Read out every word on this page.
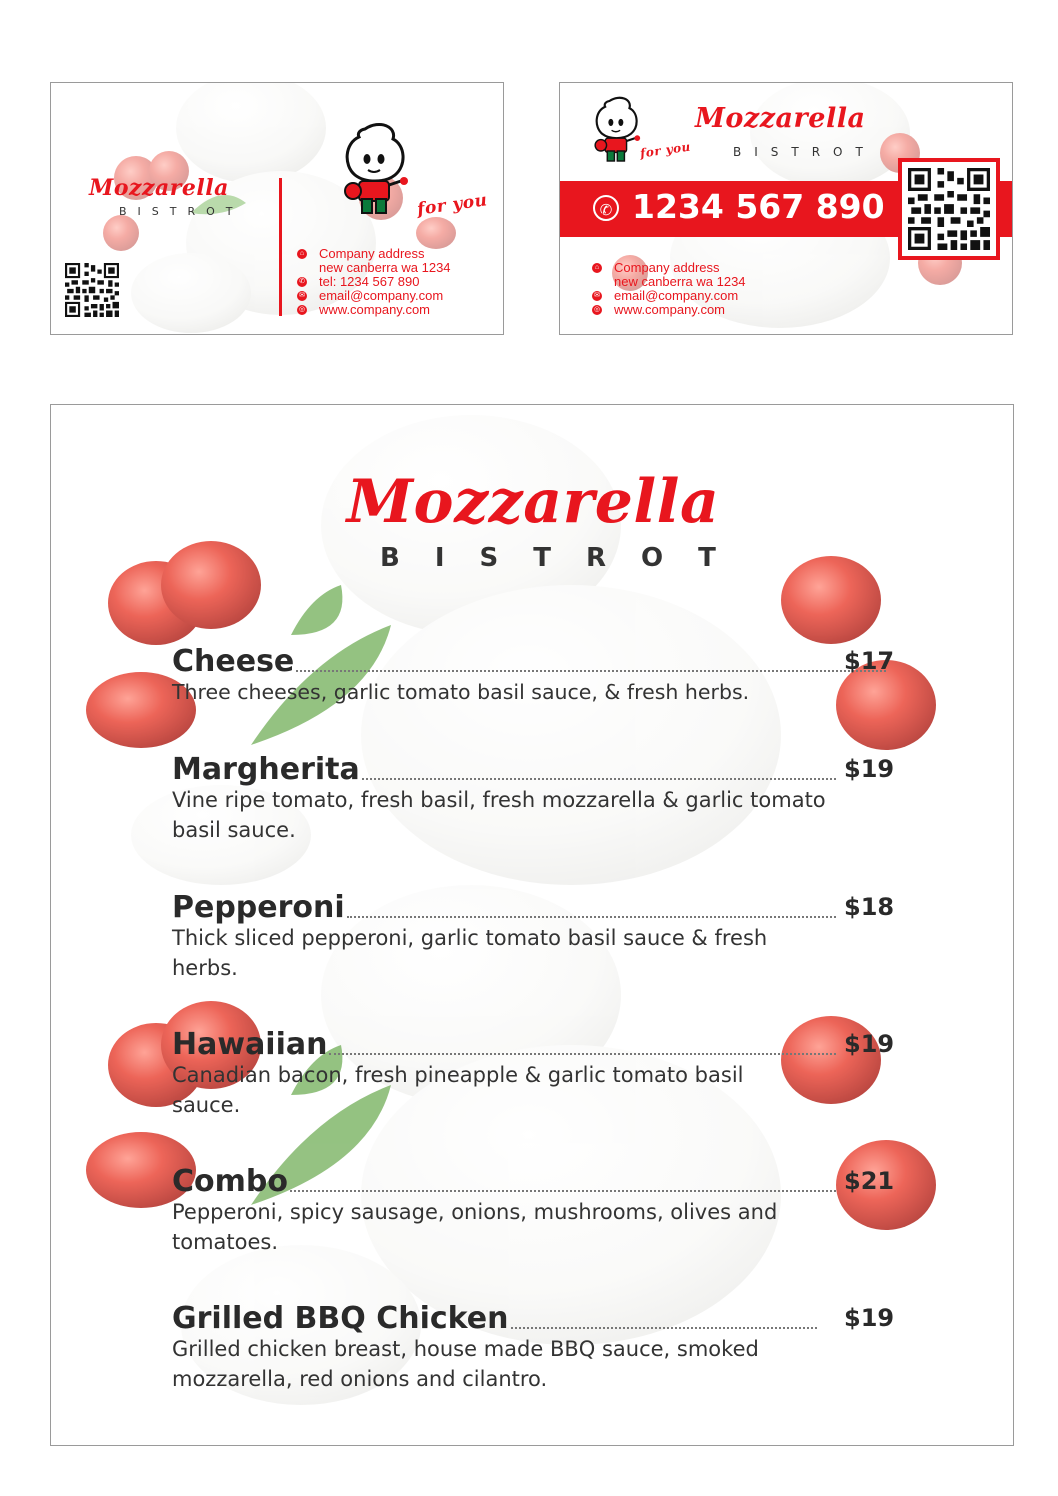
Mozzarella
BISTROT	for you
⌂ Company address
new canberra wa 1234
✆ tel: 1234 567 890
✉ email@company.com
◎ www.company.com
for you
Mozzarella
BISTROT
✆ 1234 567 890
⌂ Company address
new canberra wa 1234
✉ email@company.com
◎ www.company.com
Mozzarella
BISTROT
Cheese	$17
Three cheeses, garlic tomato basil sauce, & fresh herbs.
Margherita	$19
Vine ripe tomato, fresh basil, fresh mozzarella & garlic tomato basil sauce.
Pepperoni	$18
Thick sliced pepperoni, garlic tomato basil sauce & fresh herbs.
Hawaiian	$19
Canadian bacon, fresh pineapple & garlic tomato basil sauce.
Combo	$21
Pepperoni, spicy sausage, onions, mushrooms, olives and tomatoes.
Grilled BBQ Chicken	$19
Grilled chicken breast, house made BBQ sauce, smoked mozzarella, red onions and cilantro.
